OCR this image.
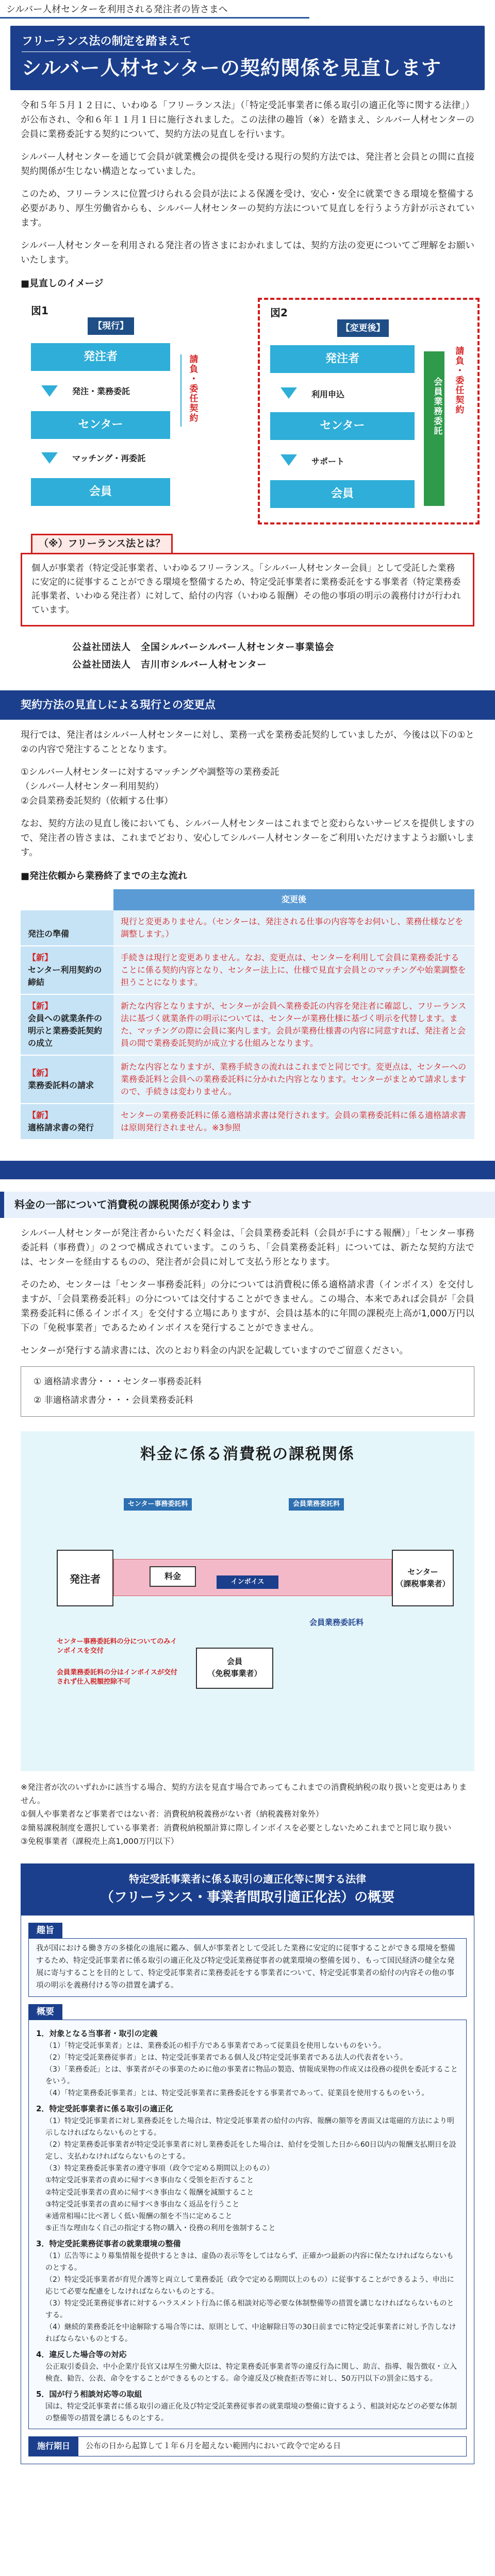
シルバー人材センターを利用される発注者の皆さまへ
フリーランス法の制定を踏まえて
シルバー人材センターの契約関係を見直します

令和５年５月１２日に、いわゆる「フリーランス法」（「特定受託事業者に係る取引の適正化等に関する法律」）が公布され、令和６年１１月１日に施行されました。この法律の趣旨（※）を踏まえ、シルバー人材センターの会員に業務委託する契約について、契約方法の見直しを行います。

シルバー人材センターを通じて会員が就業機会の提供を受ける現行の契約方法では、発注者と会員との間に直接契約関係が生じない構造となっていました。

このため、フリーランスに位置づけられる会員が法による保護を受け、安心・安全に就業できる環境を整備する必要があり、厚生労働省からも、シルバー人材センターの契約方法について見直しを行うよう方針が示されています。

シルバー人材センターを利用される発注者の皆さまにおかれましては、契約方法の変更についてご理解をお願いいたします。

■見直しのイメージ
図1
【現行】
発注者
発注・業務委託
センター
マッチング・再委託
会員
請負・委任契約
図2
【変更後】
発注者
利用申込
センター
サポート
会員
会員業務委託 請負・委任契約
（※）フリーランス法とは？
個人が事業者（特定受託事業者、いわゆるフリーランス。「シルバー人材センター会員」として受託した業務に安定的に従事することができる環境を整備するため、特定受託事業者に業務委託をする事業者（特定業務委託事業者、いわゆる発注者）に対して、給付の内容（いわゆる報酬）その他の事項の明示の義務付けが行われています。
公益社団法人　全国シルバーシルバー人材センター事業協会
公益社団法人　吉川市シルバー人材センター
契約方法の見直しによる現行との変更点

現行では、発注者はシルバー人材センターに対し、業務一式を業務委託契約していましたが、今後は以下の①と②の内容で発注することとなります。

①シルバー人材センターに対するマッチングや調整等の業務委託
（シルバー人材センター利用契約）
②会員業務委託契約（依頼する仕事）

なお、契約方法の見直し後においても、シルバー人材センターはこれまでと変わらないサービスを提供しますので、発注者の皆さまは、これまでどおり、安心してシルバー人材センターをご利用いただけますようお願いします。

■発注依頼から業務終了までの主な流れ
	変更後

発注の準備	現行と変更ありません。（センターは、発注される仕事の内容等をお伺いし、業務仕様などを調整します。）
【新】
センター利用契約の締結	手続きは現行と変更ありません。なお、変更点は、センターを利用して会員に業務委託することに係る契約内容となり、センター法上に、仕様で見直す会員とのマッチングや始業調整を担うことになります。
【新】
会員への就業条件の明示と業務委託契約の成立	新たな内容となりますが、センターが会員へ業務委託の内容を発注者に確認し、フリーランス法に基づく就業条件の明示については、センターが業務仕様に基づく明示を代替します。また、マッチングの際に会員に案内します。会員が業務仕様書の内容に同意すれば、発注者と会員の間で業務委託契約が成立する仕組みとなります。
【新】
業務委託料の請求	新たな内容となりますが、業務手続きの流れはこれまでと同じです。変更点は、センターへの業務委託料と会員への業務委託料に分かれた内容となります。センターがまとめて請求しますので、手続きは変わりません。
【新】
適格請求書の発行	センターの業務委託料に係る適格請求書は発行されます。会員の業務委託料に係る適格請求書は原則発行されません。※3参照
料金の一部について消費税の課税関係が変わります

シルバー人材センターが発注者からいただく料金は、「会員業務委託料（会員が手にする報酬）」「センター事務委託料（事務費）」の２つで構成されています。このうち、「会員業務委託料」については、新たな契約方法では、センターを経由するものの、発注者が会員に対して支払う形となります。

そのため、センターは「センター事務委託料」の分については消費税に係る適格請求書（インボイス）を交付しますが、「会員業務委託料」の分については交付することができません。この場合、本来であれば会員が「会員業務委託料に係るインボイス」を交付する立場にありますが、会員は基本的に年間の課税売上高が1,000万円以下の「免税事業者」であるためインボイスを発行することができません。

センターが発行する請求書には、次のとおり料金の内訳を記載していますのでご留意ください。

① 適格請求書分・・・センター事務委託料
② 非適格請求書分・・・会員業務委託料
料金に係る消費税の課税関係
センター事務委託料	会員業務委託料
発注者	料金
インボイス
センター
（課税事業者）
会員業務委託料
会員
（免税事業者）
センター事務委託料の分についてのみインボイスを交付
会員業務委託料の分はインボイスが交付されず仕入税額控除不可
※発注者が次のいずれかに該当する場合、契約方法を見直す場合であってもこれまでの消費税納税の取り扱いと変更はありません。
①個人や事業者など事業者ではない者：消費税納税義務がない者（納税義務対象外）
②簡易課税制度を選択している事業者：消費税納税額計算に際しインボイスを必要としないためこれまでと同じ取り扱い
③免税事業者（課税売上高1,000万円以下）
特定受託事業者に係る取引の適正化等に関する法律
（フリーランス・事業者間取引適正化法）の概要
趣旨
我が国における働き方の多様化の進展に鑑み、個人が事業者として受託した業務に安定的に従事することができる環境を整備するため、特定受託事業者に係る取引の適正化及び特定受託業務従事者の就業環境の整備を図り、もって国民経済の健全な発展に寄与することを目的として、特定受託事業者に業務委託をする事業者について、特定受託事業者の給付の内容その他の事項の明示を義務付ける等の措置を講ずる。
概要
1．対象となる当事者・取引の定義
（1）「特定受託事業者」とは、業務委託の相手方である事業者であって従業員を使用しないものをいう。
（2）「特定受託業務従事者」とは、特定受託事業者である個人及び特定受託事業者である法人の代表者をいう。
（3）「業務委託」とは、事業者がその事業のために他の事業者に物品の製造、情報成果物の作成又は役務の提供を委託することをいう。
（4）「特定業務委託事業者」とは、特定受託事業者に業務委託をする事業者であって、従業員を使用するものをいう。
2．特定受託事業者に係る取引の適正化
（1）特定受託事業者に対し業務委託をした場合は、特定受託事業者の給付の内容、報酬の額等を書面又は電磁的方法により明示しなければならないものとする。
（2）特定業務委託事業者が特定受託事業者に対し業務委託をした場合は、給付を受領した日から60日以内の報酬支払期日を設定し、支払わなければならないものとする。
（3）特定業務委託事業者の遵守事項（政令で定める期間以上のもの）
①特定受託事業者の責めに帰すべき事由なく受領を拒否すること
②特定受託事業者の責めに帰すべき事由なく報酬を減額すること
③特定受託事業者の責めに帰すべき事由なく返品を行うこと
④通常相場に比べ著しく低い報酬の額を不当に定めること
⑤正当な理由なく自己の指定する物の購入・役務の利用を強制すること
3．特定受託業務従事者の就業環境の整備
（1）広告等により募集情報を提供するときは、虚偽の表示等をしてはならず、正確かつ最新の内容に保たなければならないものとする。
（2）特定受託事業者が育児介護等と両立して業務委託（政令で定める期間以上のもの）に従事することができるよう、申出に応じて必要な配慮をしなければならないものとする。
（3）特定受託業務従事者に対するハラスメント行為に係る相談対応等必要な体制整備等の措置を講じなければならないものとする。
（4）継続的業務委託を中途解除する場合等には、原則として、中途解除日等の30日前までに特定受託事業者に対し予告しなければならないものとする。
4．違反した場合等の対応
公正取引委員会、中小企業庁長官又は厚生労働大臣は、特定業務委託事業者等の違反行為に関し、助言、指導、報告徴収・立入検査、勧告、公表、命令をすることができるものとする。命令違反及び検査拒否等に対し、50万円以下の罰金に処する。
5．国が行う相談対応等の取組
国は、特定受託事業者に係る取引の適正化及び特定受託業務従事者の就業環境の整備に資するよう、相談対応などの必要な体制の整備等の措置を講じるものとする。
施行期日	公布の日から起算して１年６月を超えない範囲内において政令で定める日
